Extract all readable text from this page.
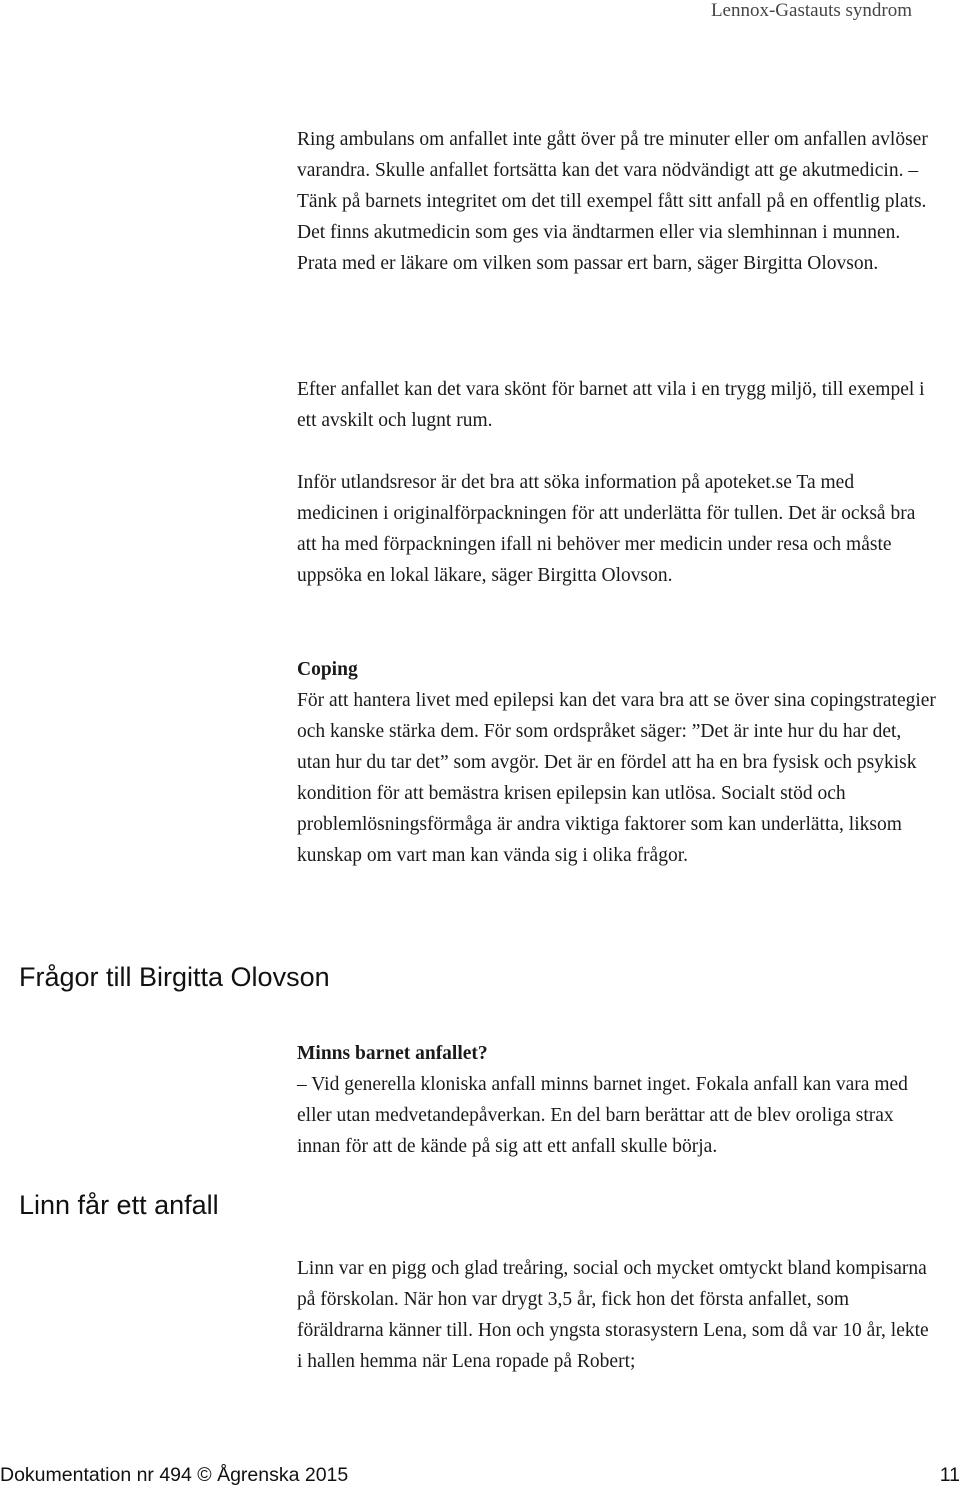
Lennox-Gastauts syndrom

Ring ambulans om anfallet inte gått över på tre minuter eller om anfallen avlöser varandra. Skulle anfallet fortsätta kan det vara nödvändigt att ge akutmedicin. – Tänk på barnets integritet om det till exempel fått sitt anfall på en offentlig plats. Det finns akutmedicin som ges via ändtarmen eller via slemhinnan i munnen. Prata med er läkare om vilken som passar ert barn, säger Birgitta Olovson.

Efter anfallet kan det vara skönt för barnet att vila i en trygg miljö, till exempel i ett avskilt och lugnt rum.

Inför utlandsresor är det bra att söka information på apoteket.se Ta med medicinen i originalförpackningen för att underlätta för tullen. Det är också bra att ha med förpackningen ifall ni behöver mer medicin under resa och måste uppsöka en lokal läkare, säger Birgitta Olovson.

Coping

För att hantera livet med epilepsi kan det vara bra att se över sina copingstrategier och kanske stärka dem. För som ordspråket säger: ”Det är inte hur du har det, utan hur du tar det” som avgör. Det är en fördel att ha en bra fysisk och psykisk kondition för att bemästra krisen epilepsin kan utlösa. Socialt stöd och problemlösningsförmåga är andra viktiga faktorer som kan underlätta, liksom kunskap om vart man kan vända sig i olika frågor.

Frågor till Birgitta Olovson

Minns barnet anfallet?

– Vid generella kloniska anfall minns barnet inget. Fokala anfall kan vara med eller utan medvetandepåverkan. En del barn berättar att de blev oroliga strax innan för att de kände på sig att ett anfall skulle börja.

Linn får ett anfall

Linn var en pigg och glad treåring, social och mycket omtyckt bland kompisarna på förskolan. När hon var drygt 3,5 år, fick hon det första anfallet, som föräldrarna känner till. Hon och yngsta storasystern Lena, som då var 10 år, lekte i hallen hemma när Lena ropade på Robert;

Dokumentation nr 494 © Ågrenska 2015	11
